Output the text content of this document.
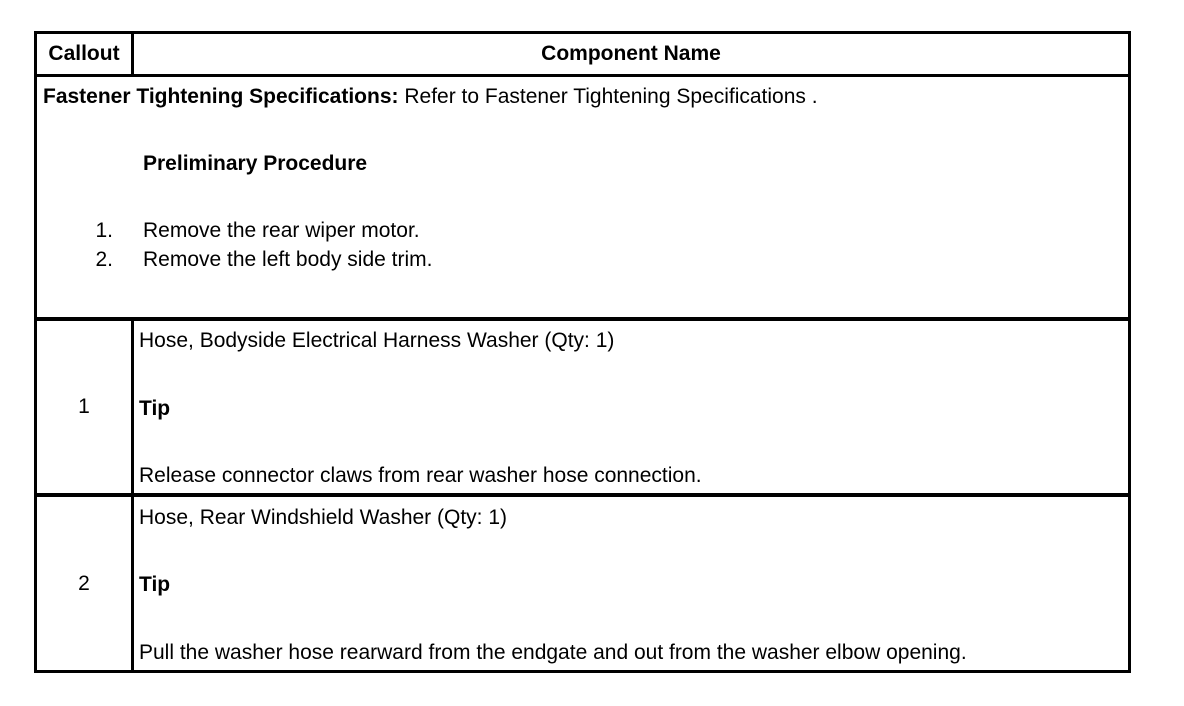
Callout	Component Name
Fastener Tightening Specifications: Refer to Fastener Tightening Specifications .
Preliminary Procedure
1. Remove the rear wiper motor.
2. Remove the left body side trim.
1
Hose, Bodyside Electrical Harness Washer (Qty: 1)
Tip
Release connector claws from rear washer hose connection.
2
Hose, Rear Windshield Washer (Qty: 1)
Tip
Pull the washer hose rearward from the endgate and out from the washer elbow opening.
